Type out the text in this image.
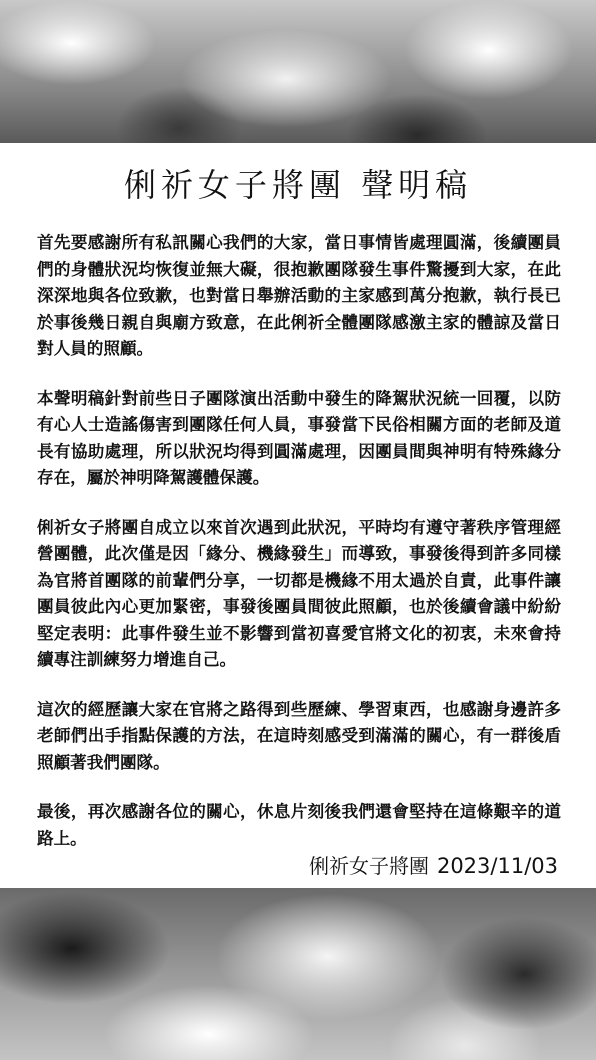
俐祈女子將團 聲明稿

首先要感謝所有私訊關心我們的大家，當日事情皆處理圓滿，後續團員們的身體狀況均恢復並無大礙，很抱歉團隊發生事件驚擾到大家，在此深深地與各位致歉，也對當日舉辦活動的主家感到萬分抱歉，執行長已於事後幾日親自與廟方致意，在此俐祈全體團隊感激主家的體諒及當日對人員的照顧。

本聲明稿針對前些日子團隊演出活動中發生的降駕狀況統一回覆，以防有心人士造謠傷害到團隊任何人員，事發當下民俗相關方面的老師及道長有協助處理，所以狀況均得到圓滿處理，因團員間與神明有特殊緣分存在，屬於神明降駕護體保護。

俐祈女子將團自成立以來首次遇到此狀況，平時均有遵守著秩序管理經營團體，此次僅是因「緣分、機緣發生」而導致，事發後得到許多同樣為官將首團隊的前輩們分享，一切都是機緣不用太過於自責，此事件讓團員彼此內心更加緊密，事發後團員間彼此照顧，也於後續會議中紛紛堅定表明：此事件發生並不影響到當初喜愛官將文化的初衷，未來會持續專注訓練努力增進自己。

這次的經歷讓大家在官將之路得到些歷練、學習東西，也感謝身邊許多老師們出手指點保護的方法，在這時刻感受到滿滿的關心，有一群後盾照顧著我們團隊。

最後，再次感謝各位的關心，休息片刻後我們還會堅持在這條艱辛的道路上。

俐祈女子將團 2023/11/03
